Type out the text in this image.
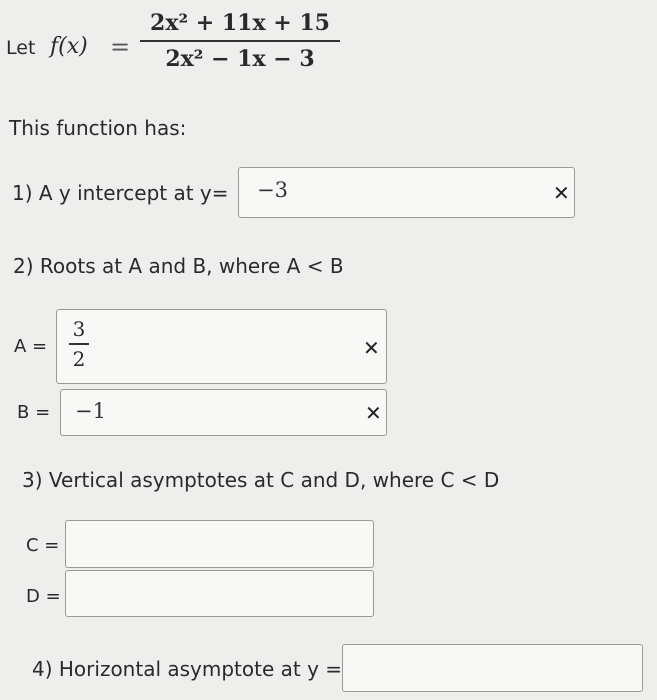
Let f(x) =
2x² + 11x + 15
2x² − 1x − 3
This function has:
1) A y intercept at y= −3	✕
2) Roots at A and B, where A < B
A =
3
2	✕
B = −1	✕
3) Vertical asymptotes at C and D, where C < D
C =
D =
4) Horizontal asymptote at y =
